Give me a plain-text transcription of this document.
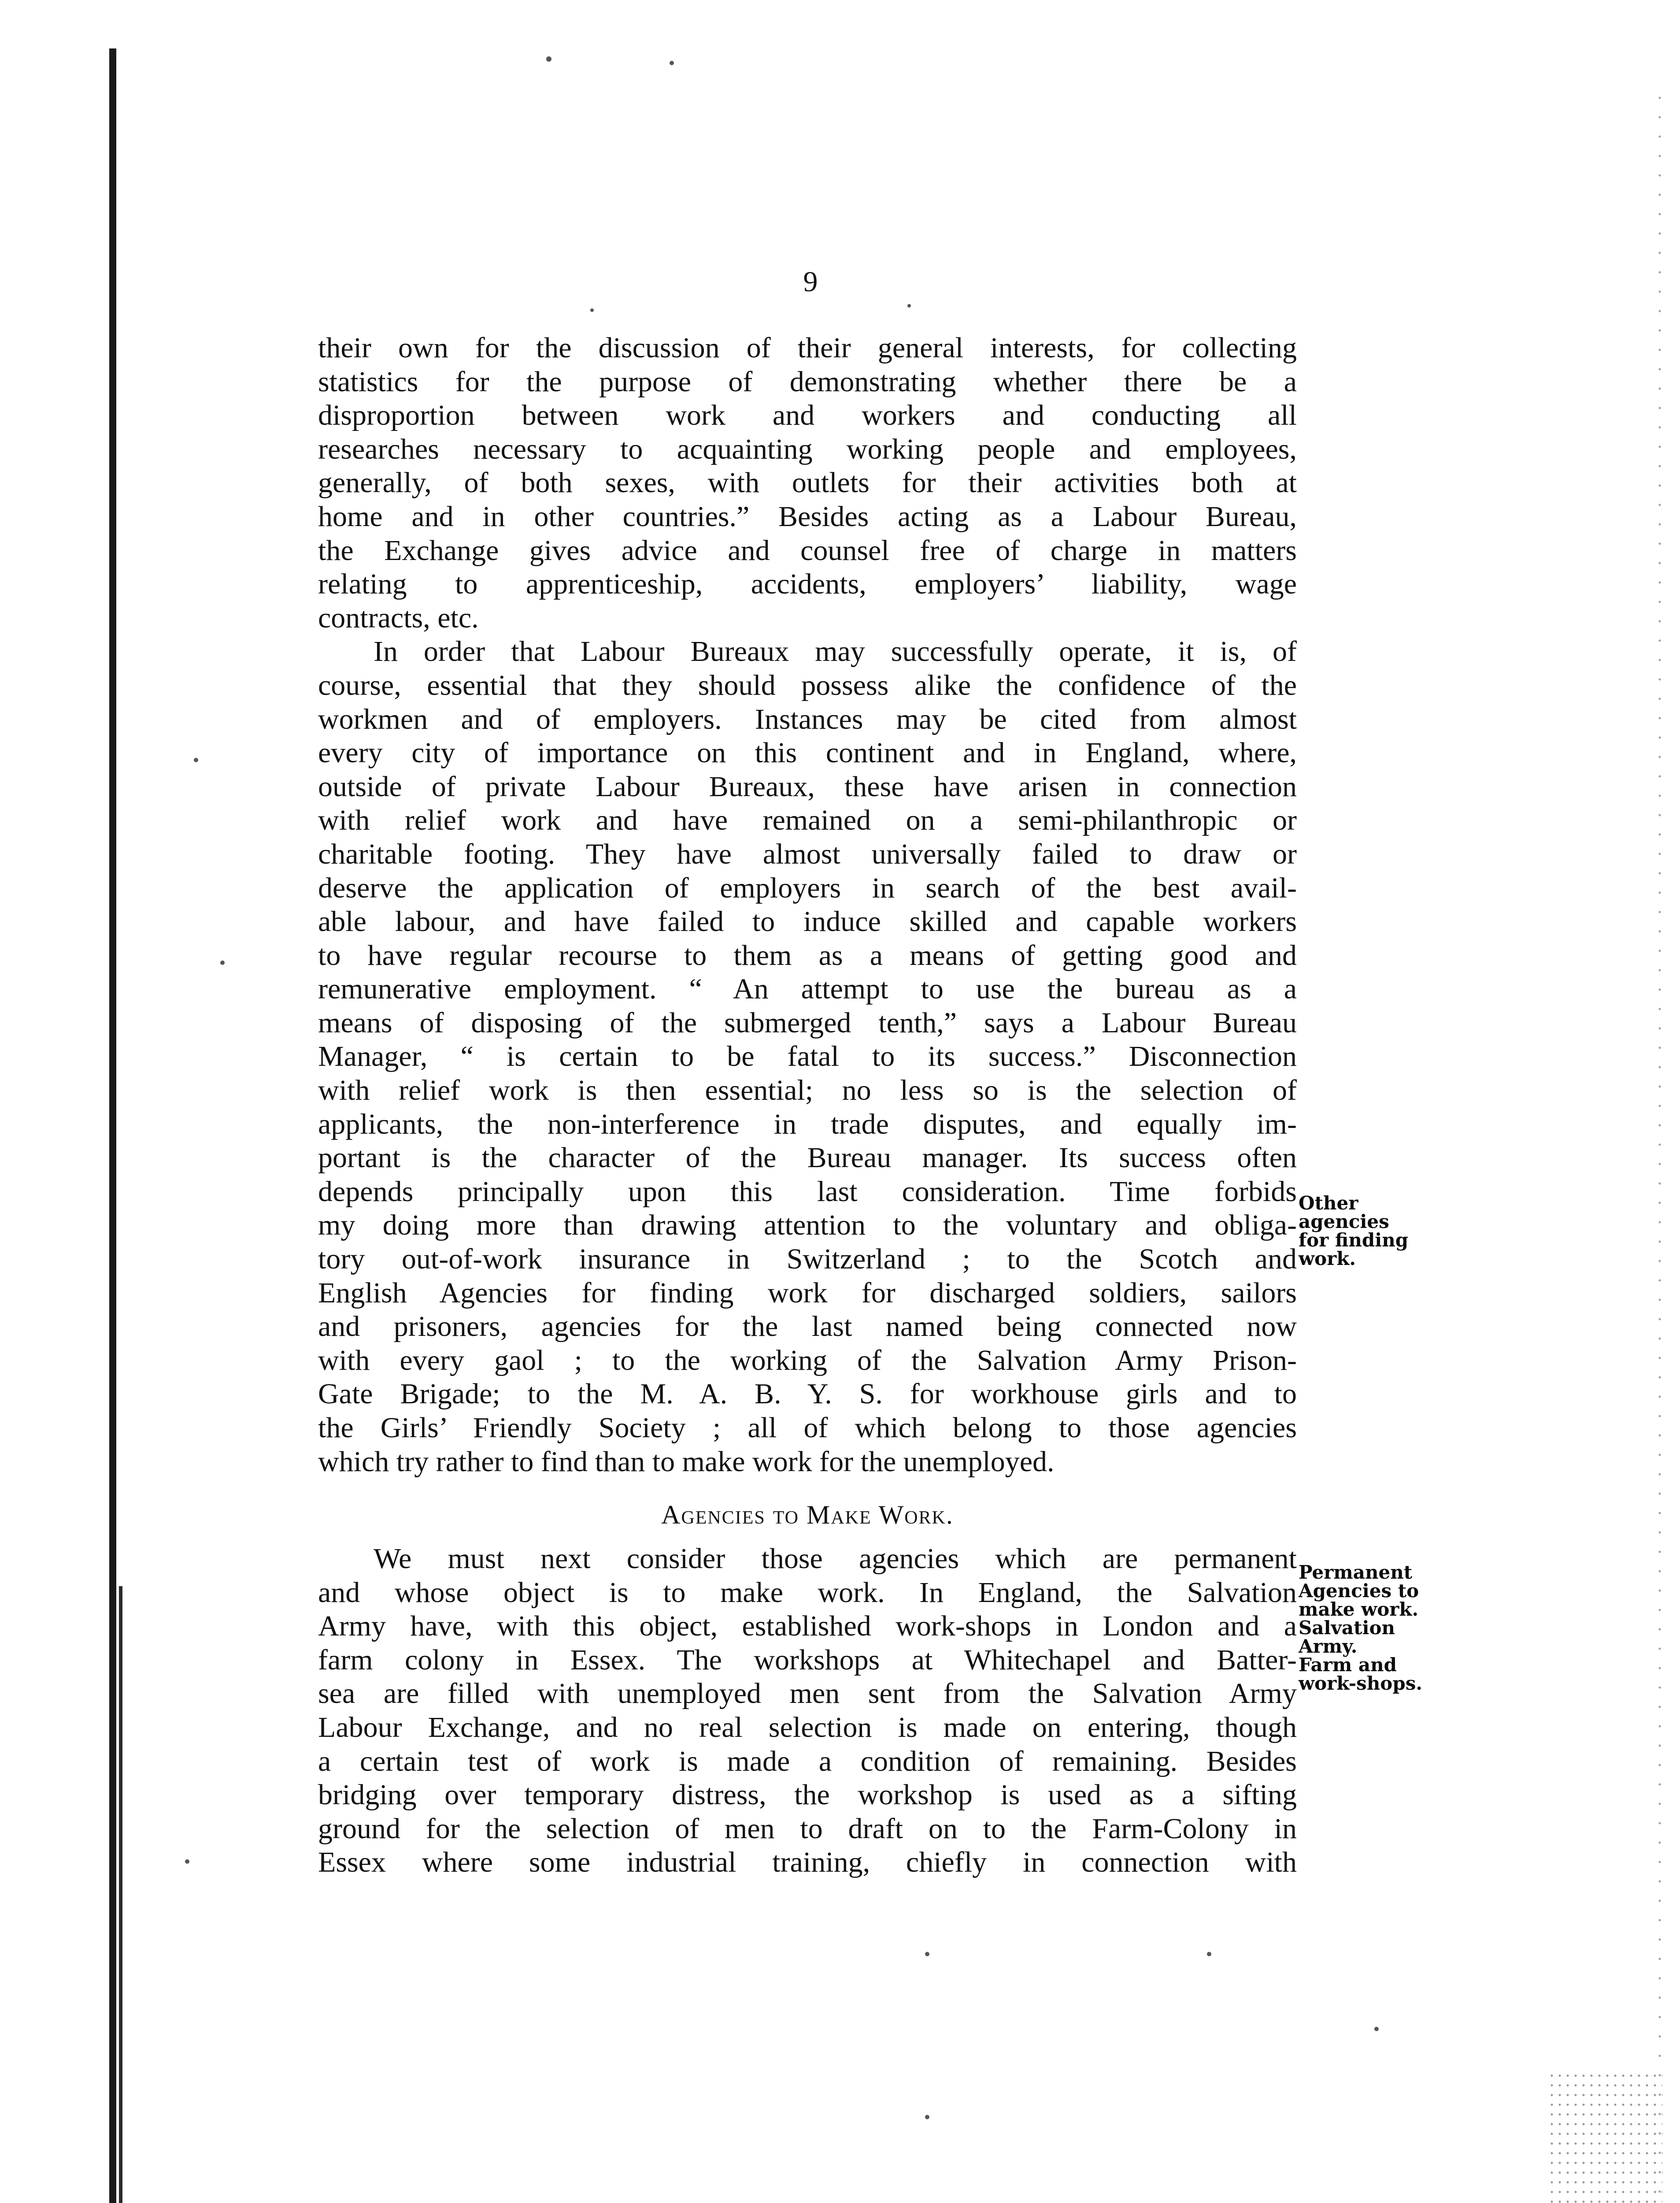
9
their own for the discussion of their general interests, for collecting
statistics for the purpose of demonstrating whether there be a
disproportion between work and workers and conducting all
researches necessary to acquainting working people and employees,
generally, of both sexes, with outlets for their activities both at
home and in other countries.” Besides acting as a Labour Bureau,
the Exchange gives advice and counsel free of charge in matters
relating to apprenticeship, accidents, employers’ liability, wage
contracts, etc.
In order that Labour Bureaux may successfully operate, it is, of
course, essential that they should possess alike the confidence of the
workmen and of employers. Instances may be cited from almost
every city of importance on this continent and in England, where,
outside of private Labour Bureaux, these have arisen in connection
with relief work and have remained on a semi-philanthropic or
charitable footing. They have almost universally failed to draw or
deserve the application of employers in search of the best avail-
able labour, and have failed to induce skilled and capable workers
to have regular recourse to them as a means of getting good and
remunerative employment. “ An attempt to use the bureau as a
means of disposing of the submerged tenth,” says a Labour Bureau
Manager, “ is certain to be fatal to its success.” Disconnection
with relief work is then essential; no less so is the selection of
applicants, the non-interference in trade disputes, and equally im-
portant is the character of the Bureau manager. Its success often
depends principally upon this last consideration. Time forbids
my doing more than drawing attention to the voluntary and obliga-
tory out-of-work insurance in Switzerland ; to the Scotch and
English Agencies for finding work for discharged soldiers, sailors
and prisoners, agencies for the last named being connected now
with every gaol ; to the working of the Salvation Army Prison-
Gate Brigade; to the M. A. B. Y. S. for workhouse girls and to
the Girls’ Friendly Society ; all of which belong to those agencies
which try rather to find than to make work for the unemployed.
Agencies to Make Work.
We must next consider those agencies which are permanent
and whose object is to make work. In England, the Salvation
Army have, with this object, established work-shops in London and a
farm colony in Essex. The workshops at Whitechapel and Batter-
sea are filled with unemployed men sent from the Salvation Army
Labour Exchange, and no real selection is made on entering, though
a certain test of work is made a condition of remaining. Besides
bridging over temporary distress, the workshop is used as a sifting
ground for the selection of men to draft on to the Farm-Colony in
Essex where some industrial training, chiefly in connection with
Other
agencies
for finding
work.
Permanent
Agencies to
make work.
Salvation
Army.
Farm and
work-shops.
